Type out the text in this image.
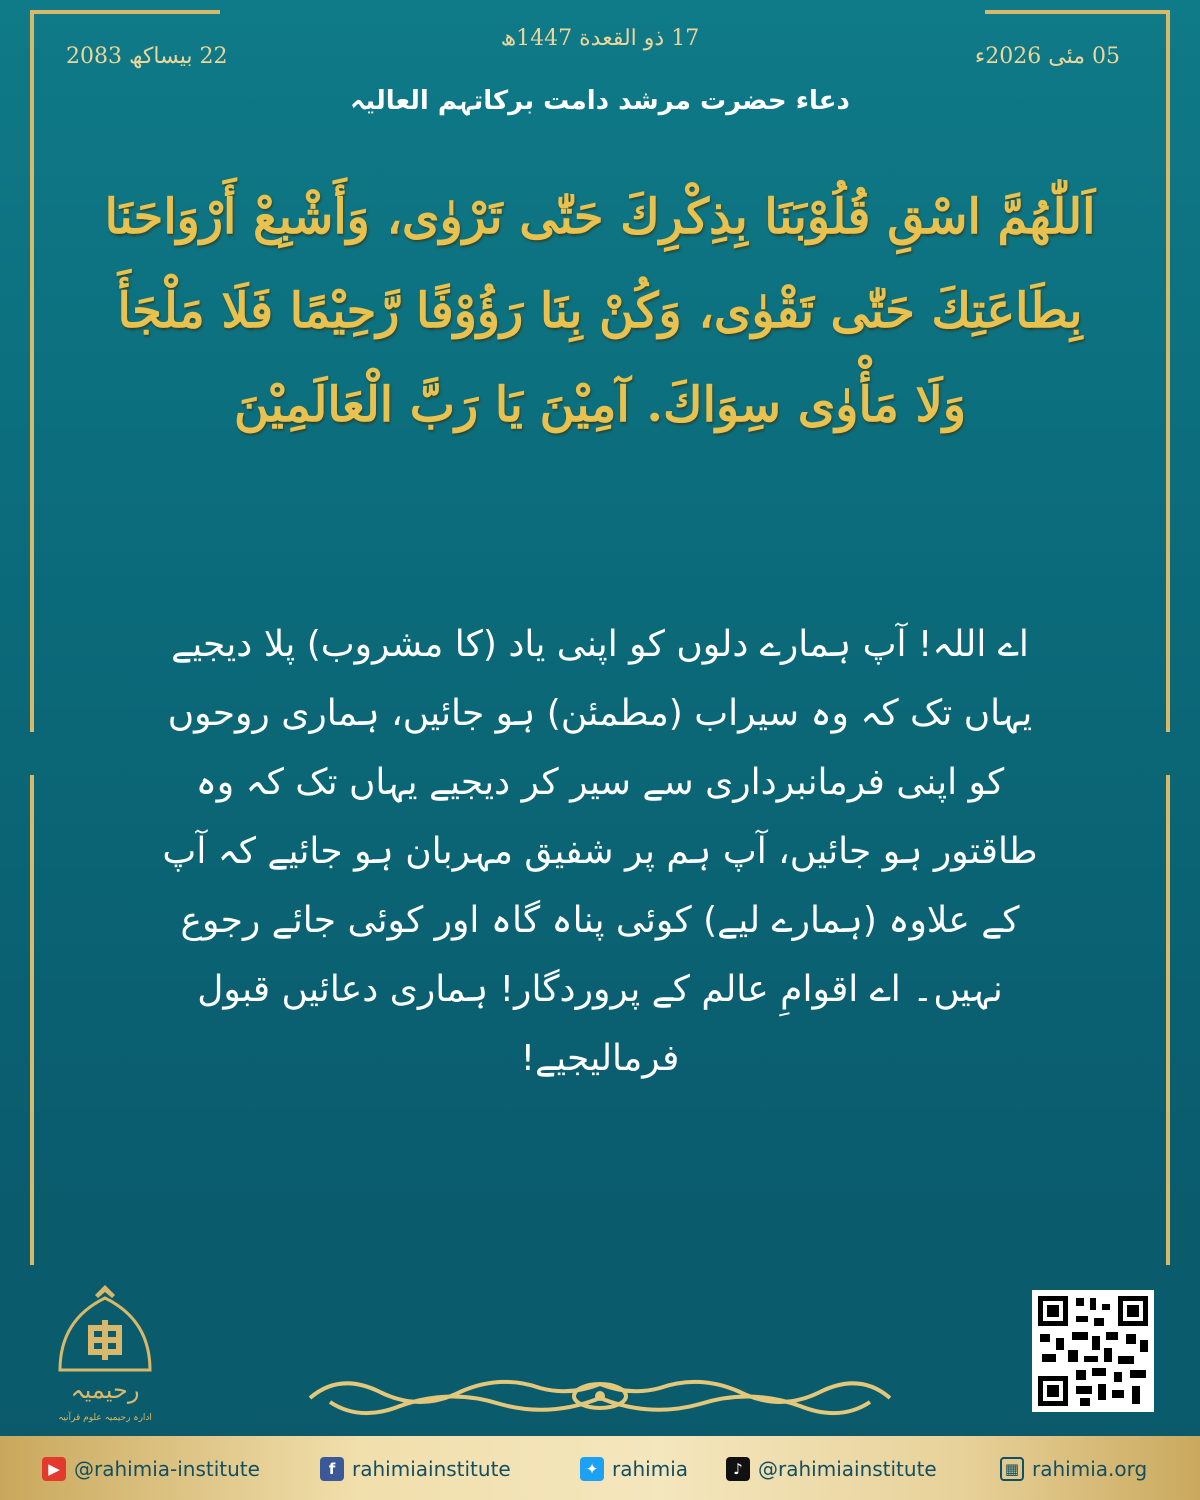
05 مئی 2026ء
17 ذو القعدة 1447ھ
22 بیساکھ 2083
دعاء حضرت مرشد دامت برکاتہم العالیہ
اَللّٰهُمَّ اسْقِ قُلُوْبَنَا بِذِكْرِكَ حَتّٰى تَرْوٰى، وَأَشْبِعْ أَرْوَاحَنَا بِطَاعَتِكَ حَتّٰى تَقْوٰى، وَكُنْ بِنَا رَؤُوْفًا رَّحِيْمًا فَلَا مَلْجَأَ وَلَا مَأْوٰى سِوَاكَ. آمِيْنَ يَا رَبَّ الْعَالَمِيْنَ
اے اللہ! آپ ہمارے دلوں کو اپنی یاد (کا مشروب) پلا دیجیے یہاں تک کہ وہ سیراب (مطمئن) ہو جائیں، ہماری روحوں کو اپنی فرمانبرداری سے سیر کر دیجیے یہاں تک کہ وہ طاقتور ہو جائیں، آپ ہم پر شفیق مہربان ہو جائیے کہ آپ کے علاوہ (ہمارے لیے) کوئی پناہ گاہ اور کوئی جائے رجوع نہیں۔ اے اقوامِ عالم کے پروردگار! ہماری دعائیں قبول فرمالیجیے!
رحیمیہ
ادارہ رحیمیہ علوم قرآنیہ
▶ @rahimia-institute	f rahimiainstitute	✦ rahimia	♪ @rahimiainstitute	▦ rahimia.org
